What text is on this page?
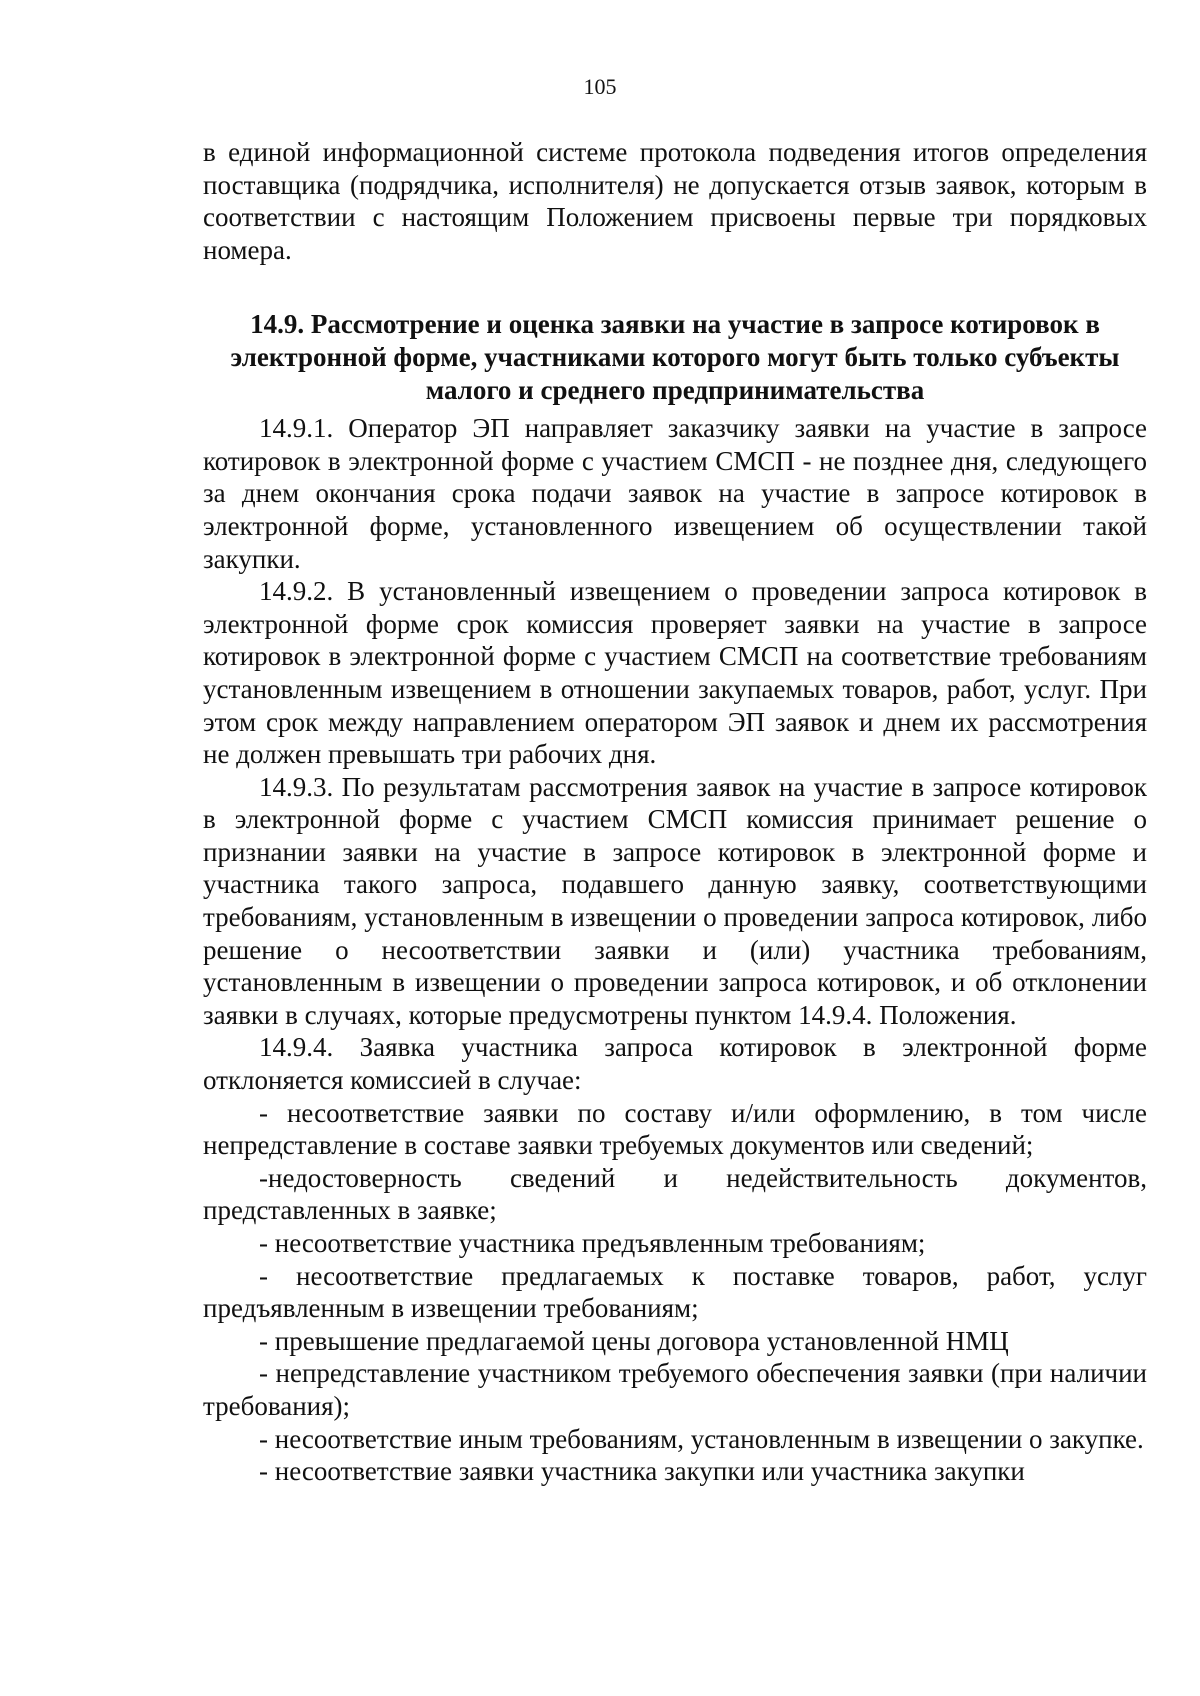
105

в единой информационной системе протокола подведения итогов определения поставщика (подрядчика, исполнителя) не допускается отзыв заявок, которым в соответствии с настоящим Положением присвоены первые три порядковых номера.

14.9. Рассмотрение и оценка заявки на участие в запросе котировок в электронной форме, участниками которого могут быть только субъекты малого и среднего предпринимательства

14.9.1. Оператор ЭП направляет заказчику заявки на участие в запросе котировок в электронной форме с участием СМСП - не позднее дня, следующего за днем окончания срока подачи заявок на участие в запросе котировок в электронной форме, установленного извещением об осуществлении такой закупки.

14.9.2. В установленный извещением о проведении запроса котировок в электронной форме срок комиссия проверяет заявки на участие в запросе котировок в электронной форме с участием СМСП на соответствие требованиям установленным извещением в отношении закупаемых товаров, работ, услуг. При этом срок между направлением оператором ЭП заявок и днем их рассмотрения не должен превышать три рабочих дня.

14.9.3. По результатам рассмотрения заявок на участие в запросе котировок в электронной форме с участием СМСП комиссия принимает решение о признании заявки на участие в запросе котировок в электронной форме и участника такого запроса, подавшего данную заявку, соответствующими требованиям, установленным в извещении о проведении запроса котировок, либо решение о несоответствии заявки и (или) участника требованиям, установленным в извещении о проведении запроса котировок, и об отклонении заявки в случаях, которые предусмотрены пунктом 14.9.4. Положения.

14.9.4. Заявка участника запроса котировок в электронной форме отклоняется комиссией в случае:

- несоответствие заявки по составу и/или оформлению, в том числе непредставление в составе заявки требуемых документов или сведений;

-недостоверность сведений и недействительность документов, представленных в заявке;

- несоответствие участника предъявленным требованиям;

- несоответствие предлагаемых к поставке товаров, работ, услуг предъявленным в извещении требованиям;

- превышение предлагаемой цены договора установленной НМЦ

- непредставление участником требуемого обеспечения заявки (при наличии требования);

- несоответствие иным требованиям, установленным в извещении о закупке.

- несоответствие заявки участника закупки или участника закупки
